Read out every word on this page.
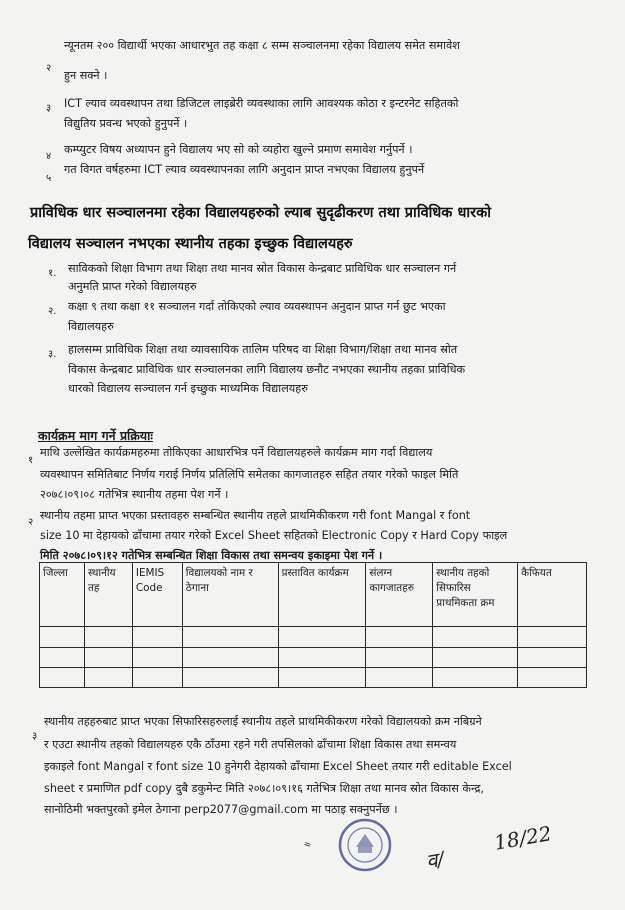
२
न्यूनतम २०० विद्यार्थी भएका आधारभुत तह कक्षा ८ सम्म सञ्चालनमा रहेका विद्यालय समेत समावेश
हुन सक्ने ।
३ ICT ल्याव व्यवस्थापन तथा डिजिटल लाइब्रेरी व्यवस्थाका लागि आवश्यक कोठा र इन्टरनेट सहितको
विद्युतिय प्रवन्ध भएको हुनुपर्ने ।
४
कम्प्युटर विषय अध्यापन हुने विद्यालय भए सो को व्यहोरा खुल्ने प्रमाण समावेश गर्नुपर्ने ।
५
गत विगत वर्षहरुमा ICT ल्याव व्यवस्थापनका लागि अनुदान प्राप्त नभएका विद्यालय हुनुपर्ने
प्राविधिक धार सञ्चालनमा रहेका विद्यालयहरुको ल्याब सुदृढीकरण तथा प्राविधिक धारको
विद्यालय सञ्चालन नभएका स्थानीय तहका इच्छुक विद्यालयहरु
१. साविकको शिक्षा विभाग तथा शिक्षा तथा मानव स्रोत विकास केन्द्रबाट प्राविधिक धार सञ्चालन गर्न
अनुमति प्राप्त गरेको विद्यालयहरु
२. कक्षा ९ तथा कक्षा ११ सञ्चालन गर्दा तोकिएको ल्याव व्यवस्थापन अनुदान प्राप्त गर्न छुट भएका
विद्यालयहरु
३. हालसम्म प्राविधिक शिक्षा तथा व्यावसायिक तालिम परिषद वा शिक्षा विभाग/शिक्षा तथा मानव स्रोत
विकास केन्द्रबाट प्राविधिक धार सञ्चालनका लागि विद्यालय छनौट नभएका स्थानीय तहका प्राविधिक
धारको विद्यालय सञ्चालन गर्न इच्छुक माध्यमिक विद्यालयहरु
कार्यक्रम माग गर्ने प्रक्रियाः
१
माथि उल्लेखित कार्यक्रमहरुमा तोकिएका आधारभित्र पर्ने विद्यालयहरुले कार्यक्रम माग गर्दा विद्यालय
व्यवस्थापन समितिबाट निर्णय गराई निर्णय प्रतिलिपि समेतका कागजातहरु सहित तयार गरेको फाइल मिति
२०७८।०९।०८ गतेभित्र स्थानीय तहमा पेश गर्ने ।
२
स्थानीय तहमा प्राप्त भएका प्रस्तावहरु सम्बन्धित स्थानीय तहले प्राथमिकीकरण गरी font Mangal र font
size 10 मा देहायको ढाँचामा तयार गरेको Excel Sheet सहितको Electronic Copy र Hard Copy फाइल
मिति २०७८।०९।१२ गतेभित्र सम्बन्धित शिक्षा विकास तथा समन्वय इकाइमा पेश गर्ने ।
जिल्ला	स्थानीय तह	IEMIS Code	विद्यालयको नाम र ठेगाना	प्रस्तावित कार्यक्रम	संलग्न कागजातहरु	स्थानीय तहको सिफारिस प्राथमिकता क्रम	कैफियत

३
स्थानीय तहहरुबाट प्राप्त भएका सिफारिसहरुलाई स्थानीय तहले प्राथमिकीकरण गरेको विद्यालयको क्रम नबिग्रने
र एउटा स्थानीय तहको विद्यालयहरु एकै ठाँउमा रहने गरी तपसिलको ढाँचामा शिक्षा विकास तथा समन्वय
इकाइले font Mangal र font size 10 हुनेगरी देहायको ढाँचामा Excel Sheet तयार गरी editable Excel
sheet र प्रमाणित pdf copy दुबै डकुमेन्ट मिति २०७८।०९।१६ गतेभित्र शिक्षा तथा मानव स्रोत विकास केन्द्र,
सानोठिमी भक्तपुरको इमेल ठेगाना perp2077@gmail.com मा पठाइ सक्नुपर्नेछ ।
॥
व/
18/22
